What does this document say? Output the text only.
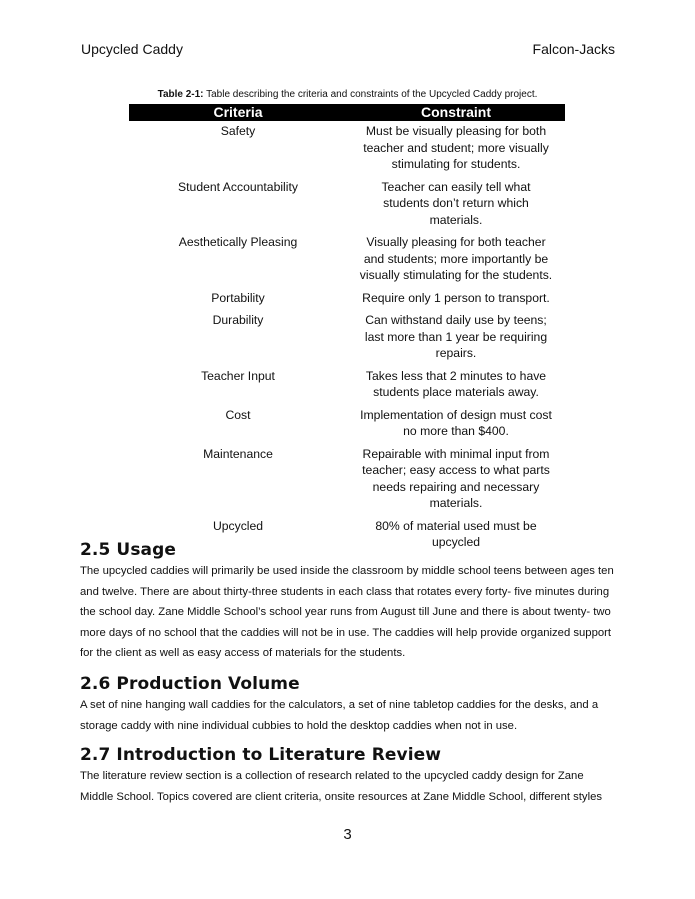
Upcycled Caddy	Falcon-Jacks
Table 2-1: Table describing the criteria and constraints of the Upcycled Caddy project.
Criteria	Constraint
Safety	Must be visually pleasing for both teacher and student; more visually stimulating for students.
Student Accountability	Teacher can easily tell what students don’t return which materials.
Aesthetically Pleasing	Visually pleasing for both teacher and students; more importantly be visually stimulating for the students.
Portability	Require only 1 person to transport.
Durability	Can withstand daily use by teens; last more than 1 year be requiring repairs.
Teacher Input	Takes less that 2 minutes to have students place materials away.
Cost	Implementation of design must cost no more than $400.
Maintenance	Repairable with minimal input from teacher; easy access to what parts needs repairing and necessary materials.
Upcycled	80% of material used must be upcycled
2.5 Usage

The upcycled caddies will primarily be used inside the classroom by middle school teens between ages ten and twelve. There are about thirty-three students in each class that rotates every forty- five minutes during the school day. Zane Middle School’s school year runs from August till June and there is about twenty- two more days of no school that the caddies will not be in use. The caddies will help provide organized support for the client as well as easy access of materials for the students.

2.6 Production Volume

A set of nine hanging wall caddies for the calculators, a set of nine tabletop caddies for the desks, and a storage caddy with nine individual cubbies to hold the desktop caddies when not in use.

2.7 Introduction to Literature Review

The literature review section is a collection of research related to the upcycled caddy design for Zane Middle School. Topics covered are client criteria, onsite resources at Zane Middle School, different styles

3
